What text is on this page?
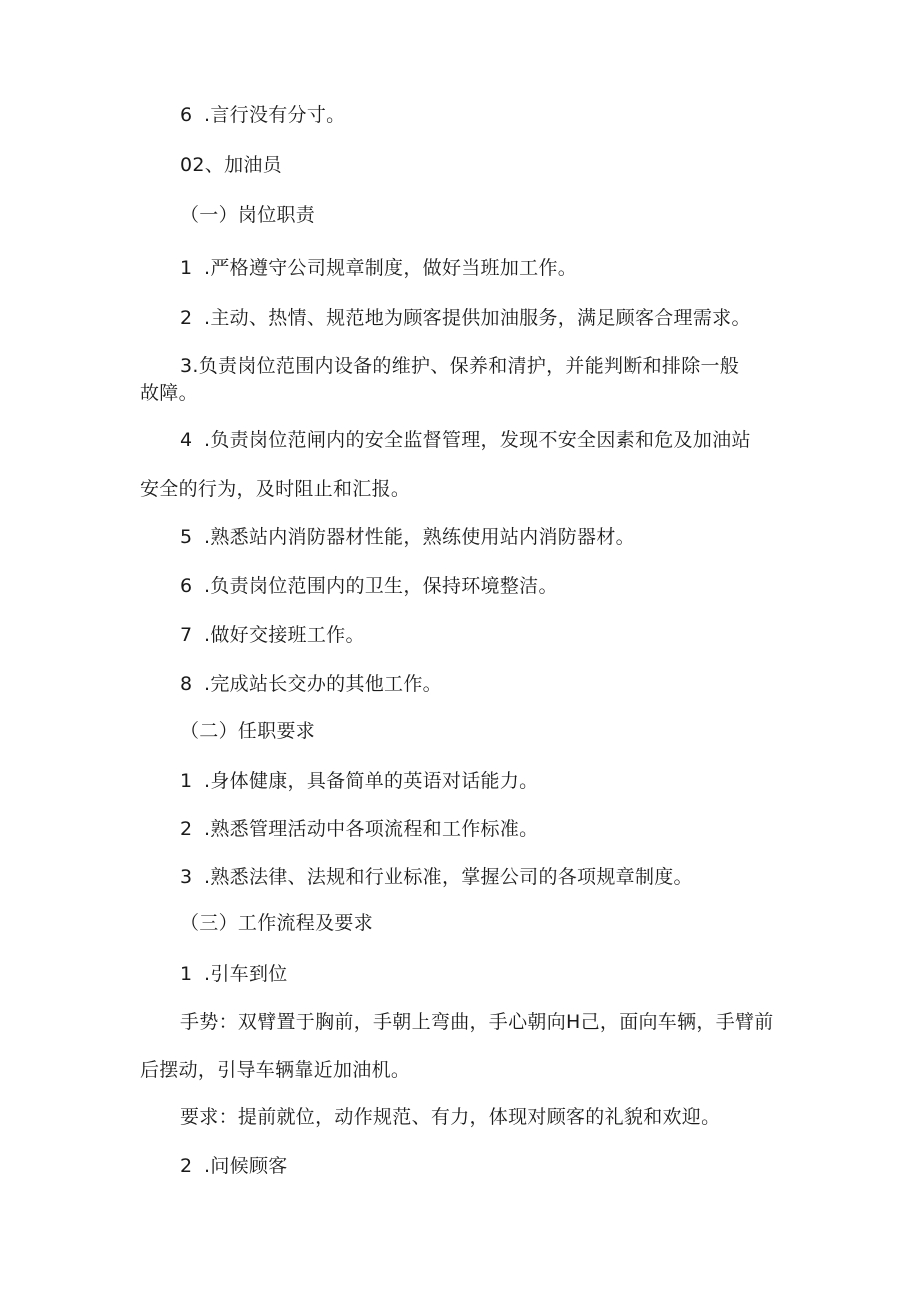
6 .言行没有分寸。
02、加油员
（一）岗位职责
1 .严格遵守公司规章制度，做好当班加工作。
2 .主动、热情、规范地为顾客提供加油服务，满足顾客合理需求。
3.负责岗位范围内设备的维护、保养和清护，并能判断和排除一般
故障。
4 .负责岗位范闸内的安全监督管理，发现不安全因素和危及加油站
安全的行为，及时阻止和汇报。
5 .熟悉站内消防器材性能，熟练使用站内消防器材。
6 .负责岗位范围内的卫生，保持环境整洁。
7 .做好交接班工作。
8 .完成站长交办的其他工作。
（二）任职要求
1 .身体健康，具备简单的英语对话能力。
2 .熟悉管理活动中各项流程和工作标准。
3 .熟悉法律、法规和行业标准，掌握公司的各项规章制度。
（三）工作流程及要求
1 .引车到位
手势：双臂置于胸前，手朝上弯曲，手心朝向H己，面向车辆，手臂前
后摆动，引导车辆靠近加油机。
要求：提前就位，动作规范、有力，体现对顾客的礼貌和欢迎。
2 .问候顾客
